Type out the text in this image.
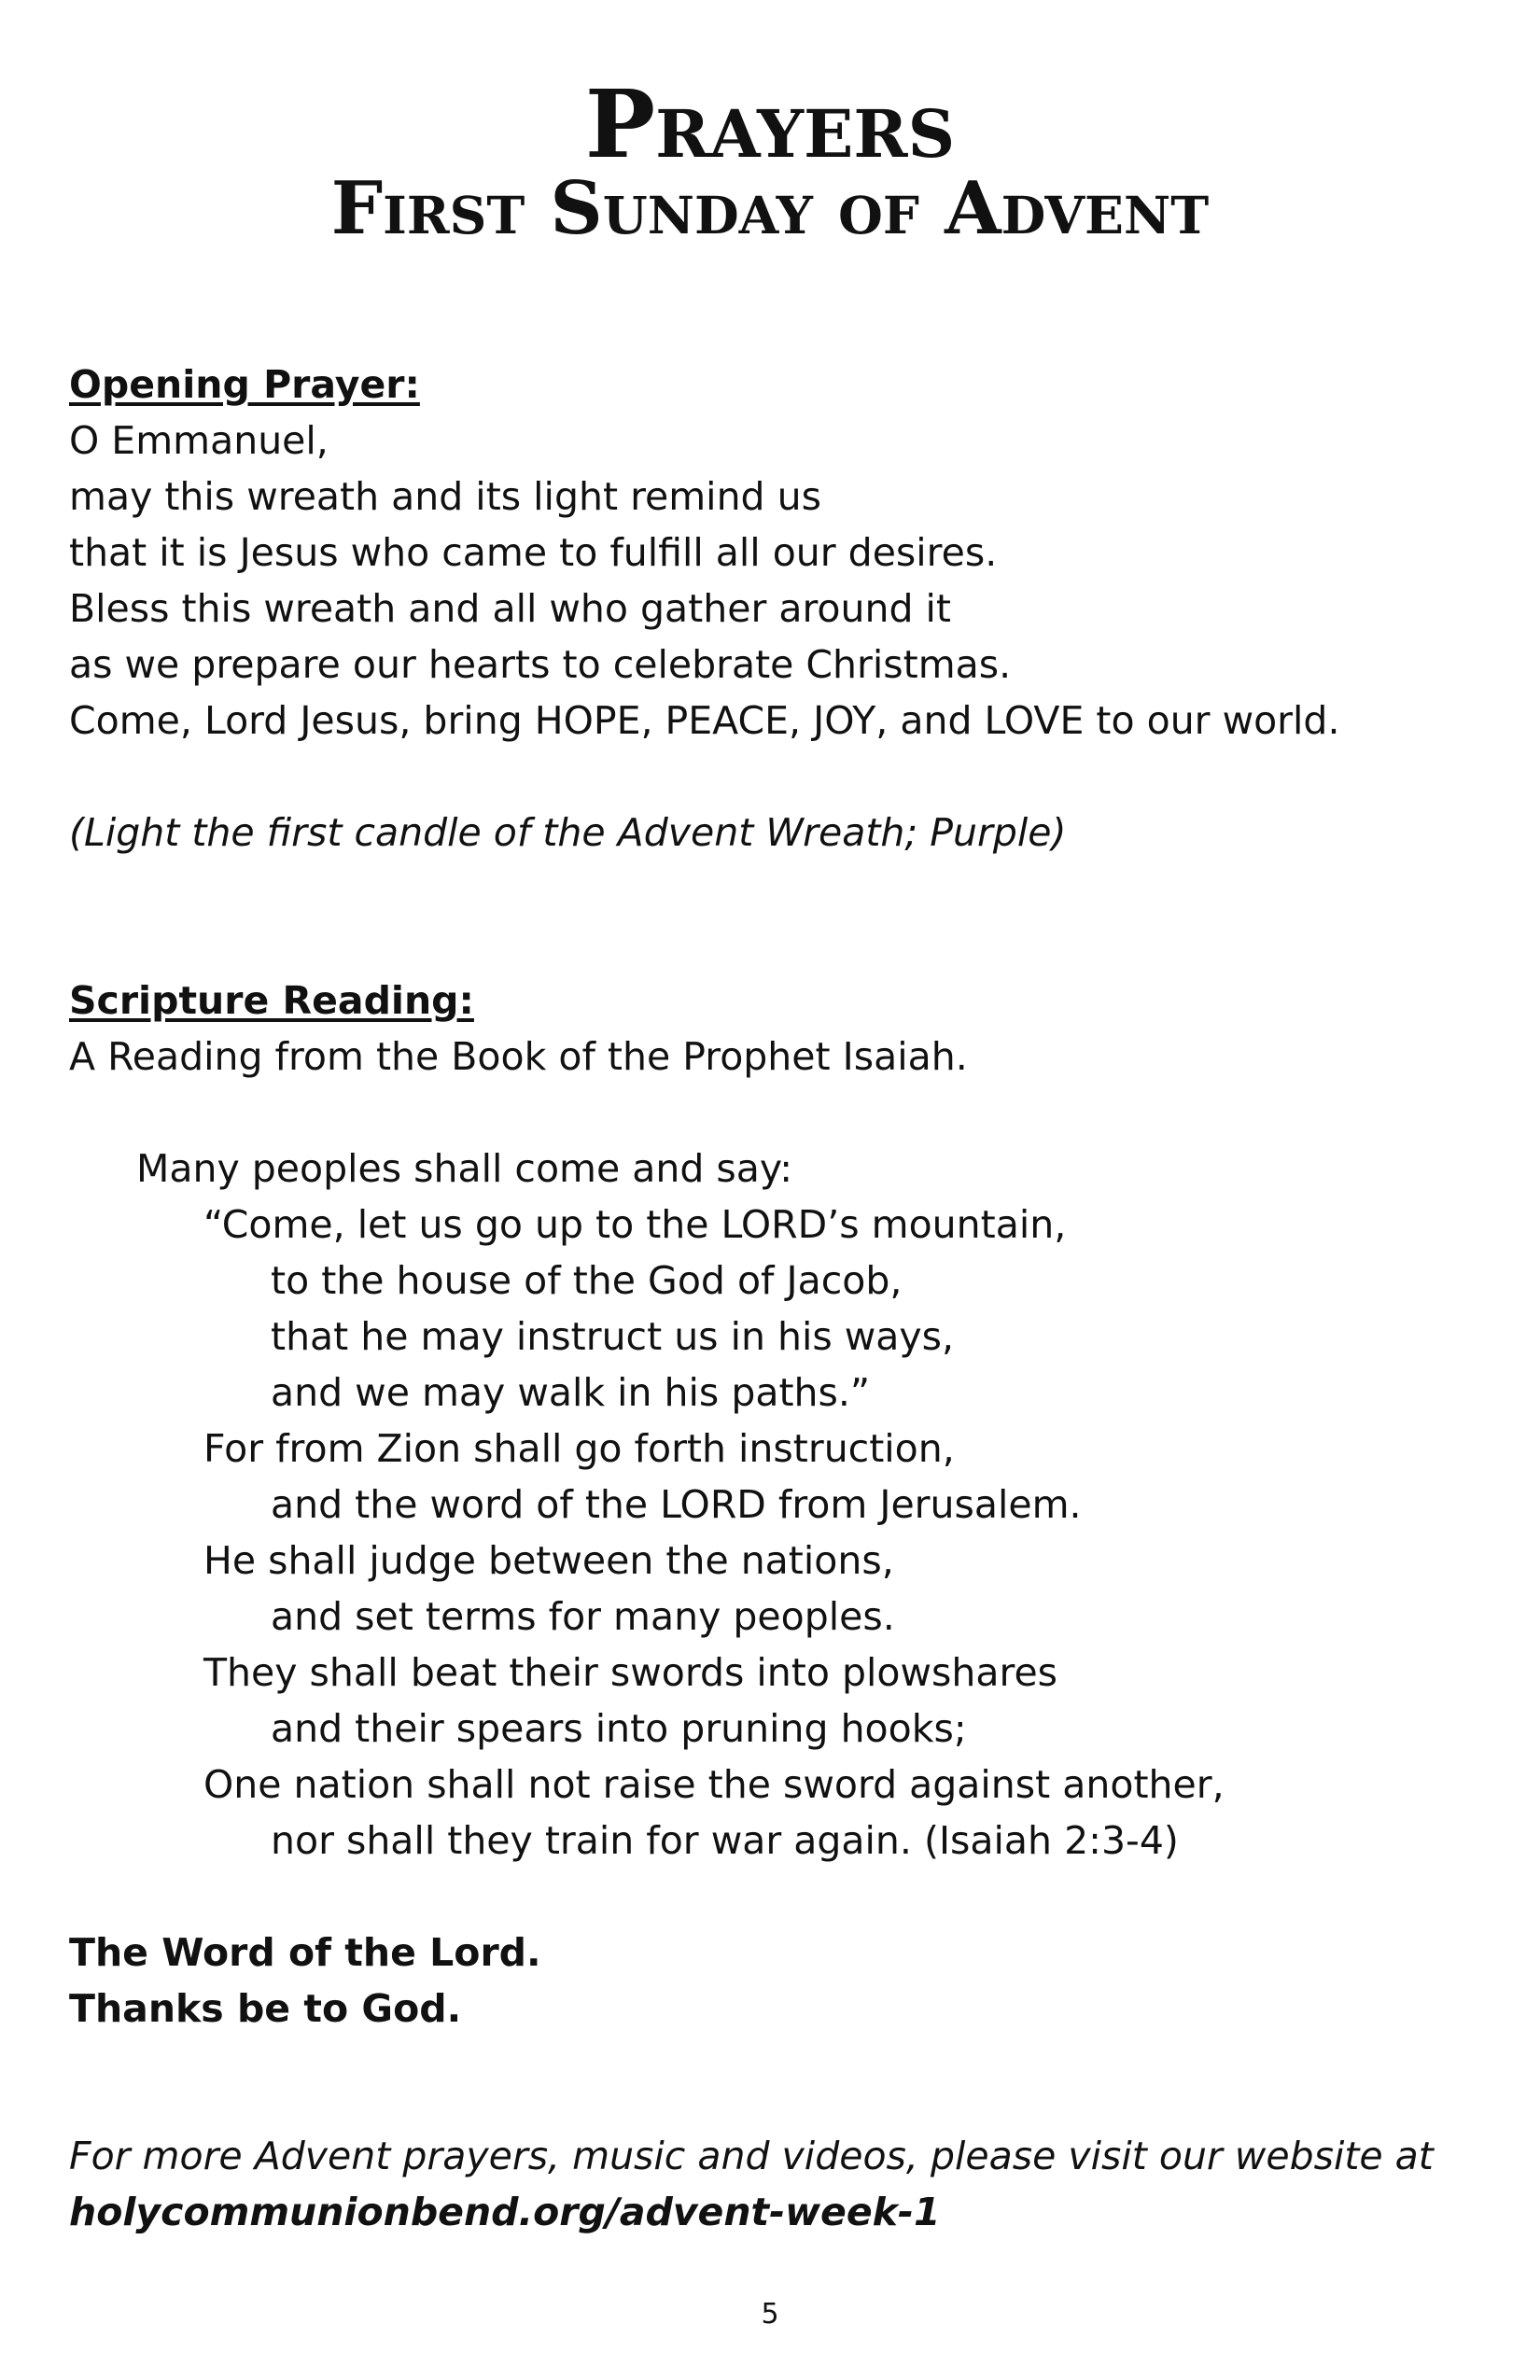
Prayers
First Sunday of Advent
Opening Prayer:
O Emmanuel,
may this wreath and its light remind us
that it is Jesus who came to fulfill all our desires.
Bless this wreath and all who gather around it
as we prepare our hearts to celebrate Christmas.
Come, Lord Jesus, bring HOPE, PEACE, JOY, and LOVE to our world.
(Light the first candle of the Advent Wreath; Purple)
Scripture Reading:
A Reading from the Book of the Prophet Isaiah.
Many peoples shall come and say:
“Come, let us go up to the LORD’s mountain,
to the house of the God of Jacob,
that he may instruct us in his ways,
and we may walk in his paths.”
For from Zion shall go forth instruction,
and the word of the LORD from Jerusalem.
He shall judge between the nations,
and set terms for many peoples.
They shall beat their swords into plowshares
and their spears into pruning hooks;
One nation shall not raise the sword against another,
nor shall they train for war again. (Isaiah 2:3-4)
The Word of the Lord.
Thanks be to God.
For more Advent prayers, music and videos, please visit our website at
holycommunionbend.org/advent-week-1
5
